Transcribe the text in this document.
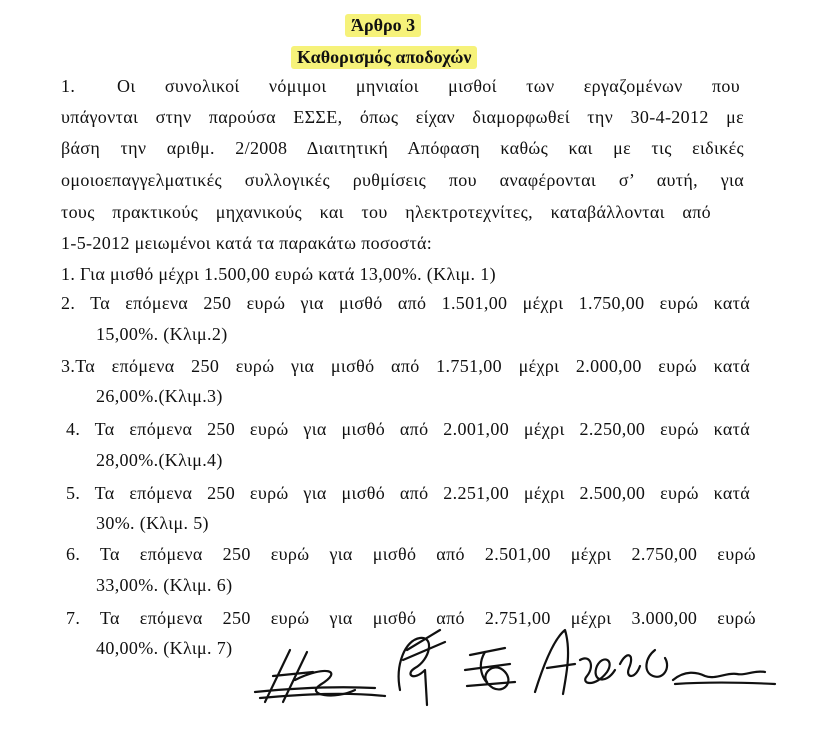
Άρθρο 3
Καθορισμός αποδοχών
1. Οι συνολικοί νόμιμοι μηνιαίοι μισθοί των εργαζομένων που
υπάγονται στην παρούσα ΕΣΣΕ, όπως είχαν διαμορφωθεί την 30-4-2012 με
βάση την αριθμ. 2/2008 Διαιτητική Απόφαση καθώς και με τις ειδικές
ομοιοεπαγγελματικές συλλογικές ρυθμίσεις που αναφέρονται σ’ αυτή, για
τους πρακτικούς μηχανικούς και του ηλεκτροτεχνίτες, καταβάλλονται από
1-5-2012 μειωμένοι κατά τα παρακάτω ποσοστά:
1. Για μισθό μέχρι 1.500,00 ευρώ κατά 13,00%. (Κλιμ. 1)
2. Τα επόμενα 250 ευρώ για μισθό από 1.501,00 μέχρι 1.750,00 ευρώ κατά
15,00%. (Κλιμ.2)
3.Τα επόμενα 250 ευρώ για μισθό από 1.751,00 μέχρι 2.000,00 ευρώ κατά
26,00%.(Κλιμ.3)
4. Τα επόμενα 250 ευρώ για μισθό από 2.001,00 μέχρι 2.250,00 ευρώ κατά
28,00%.(Κλιμ.4)
5. Τα επόμενα 250 ευρώ για μισθό από 2.251,00 μέχρι 2.500,00 ευρώ κατά
30%. (Κλιμ. 5)
6. Τα επόμενα 250 ευρώ για μισθό από 2.501,00 μέχρι 2.750,00 ευρώ
33,00%. (Κλιμ. 6)
7. Τα επόμενα 250 ευρώ για μισθό από 2.751,00 μέχρι 3.000,00 ευρώ
40,00%. (Κλιμ. 7)
